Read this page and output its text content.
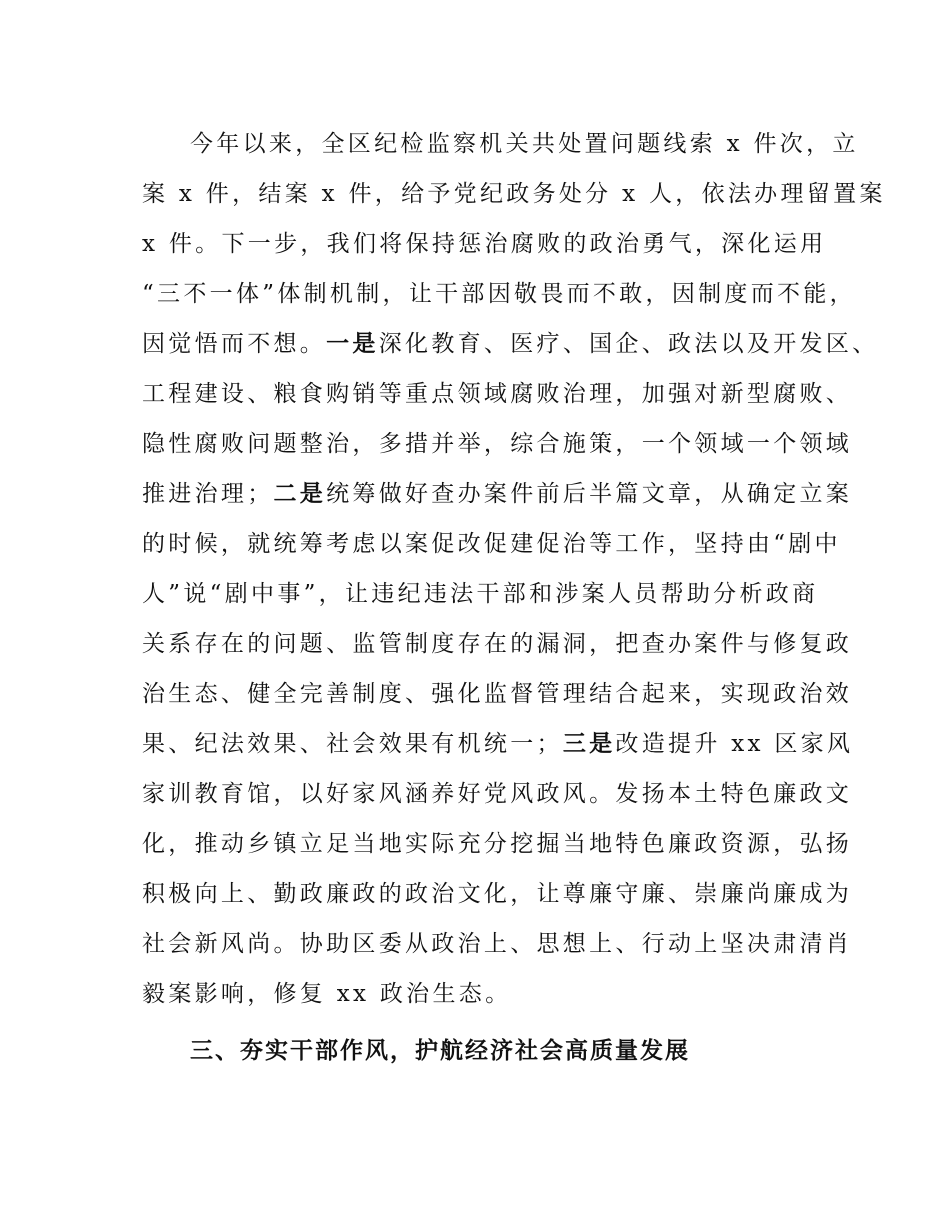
今年以来，全区纪检监察机关共处置问题线索 x 件次，立
案 x 件，结案 x 件，给予党纪政务处分 x 人，依法办理留置案
x 件。下一步，我们将保持惩治腐败的政治勇气，深化运用
“三不一体”体制机制，让干部因敬畏而不敢，因制度而不能，
因觉悟而不想。一是深化教育、医疗、国企、政法以及开发区、
工程建设、粮食购销等重点领域腐败治理，加强对新型腐败、
隐性腐败问题整治，多措并举，综合施策，一个领域一个领域
推进治理；二是统筹做好查办案件前后半篇文章，从确定立案
的时候，就统筹考虑以案促改促建促治等工作，坚持由“剧中
人”说“剧中事”，让违纪违法干部和涉案人员帮助分析政商
关系存在的问题、监管制度存在的漏洞，把查办案件与修复政
治生态、健全完善制度、强化监督管理结合起来，实现政治效
果、纪法效果、社会效果有机统一；三是改造提升 xx 区家风
家训教育馆，以好家风涵养好党风政风。发扬本土特色廉政文
化，推动乡镇立足当地实际充分挖掘当地特色廉政资源，弘扬
积极向上、勤政廉政的政治文化，让尊廉守廉、崇廉尚廉成为
社会新风尚。协助区委从政治上、思想上、行动上坚决肃清肖
毅案影响，修复 xx 政治生态。
三、夯实干部作风，护航经济社会高质量发展
